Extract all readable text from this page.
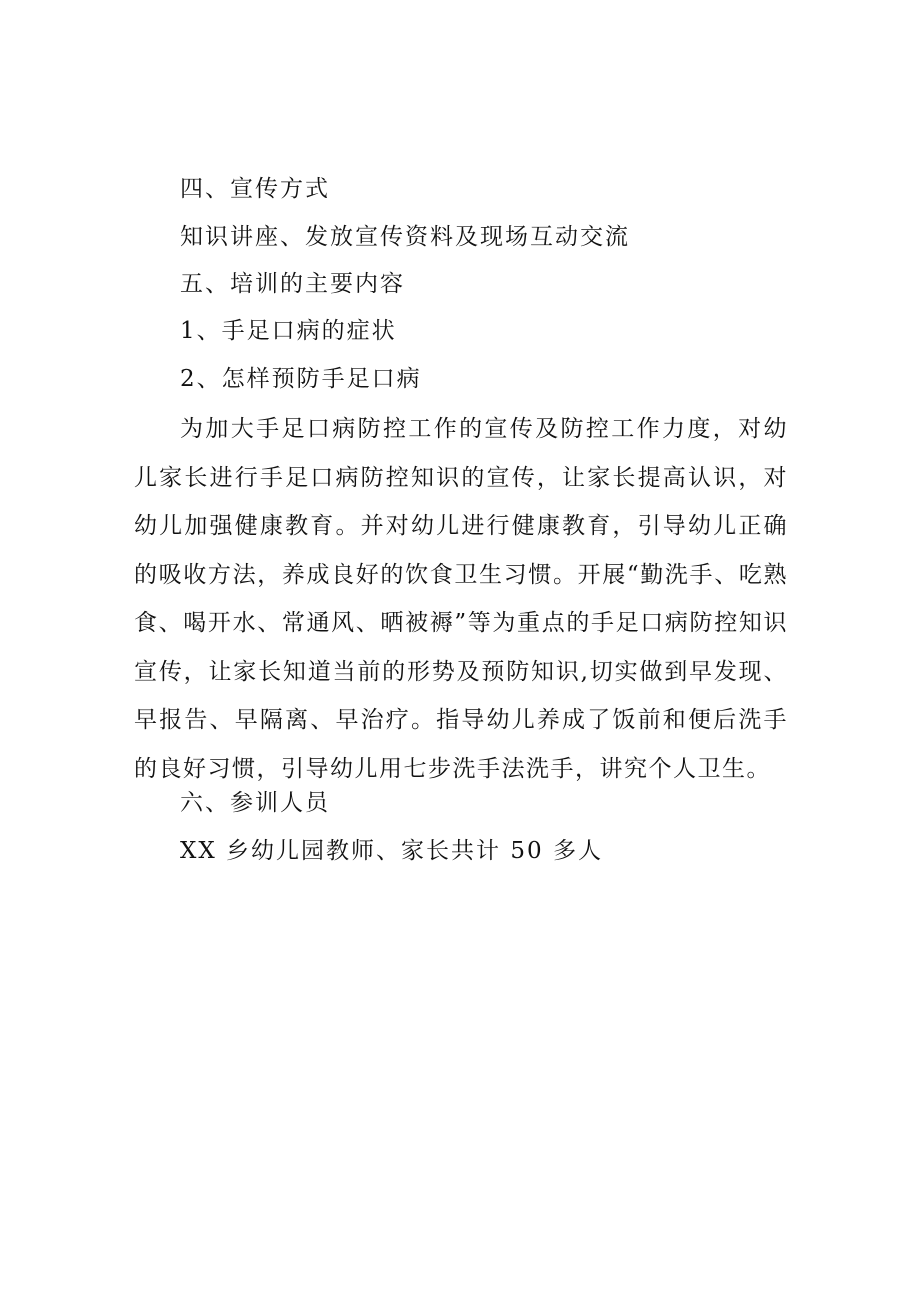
四、宣传方式
知识讲座、发放宣传资料及现场互动交流
五、培训的主要内容
1、手足口病的症状
2、怎样预防手足口病

为加大手足口病防控工作的宣传及防控工作力度，对幼儿家长进行手足口病防控知识的宣传，让家长提高认识，对幼儿加强健康教育。并对幼儿进行健康教育，引导幼儿正确的吸收方法，养成良好的饮食卫生习惯。开展“勤洗手、吃熟食、喝开水、常通风、晒被褥”等为重点的手足口病防控知识宣传，让家长知道当前的形势及预防知识,切实做到早发现、早报告、早隔离、早治疗。指导幼儿养成了饭前和便后洗手的良好习惯，引导幼儿用七步洗手法洗手，讲究个人卫生。

六、参训人员
XX 乡幼儿园教师、家长共计 50 多人
